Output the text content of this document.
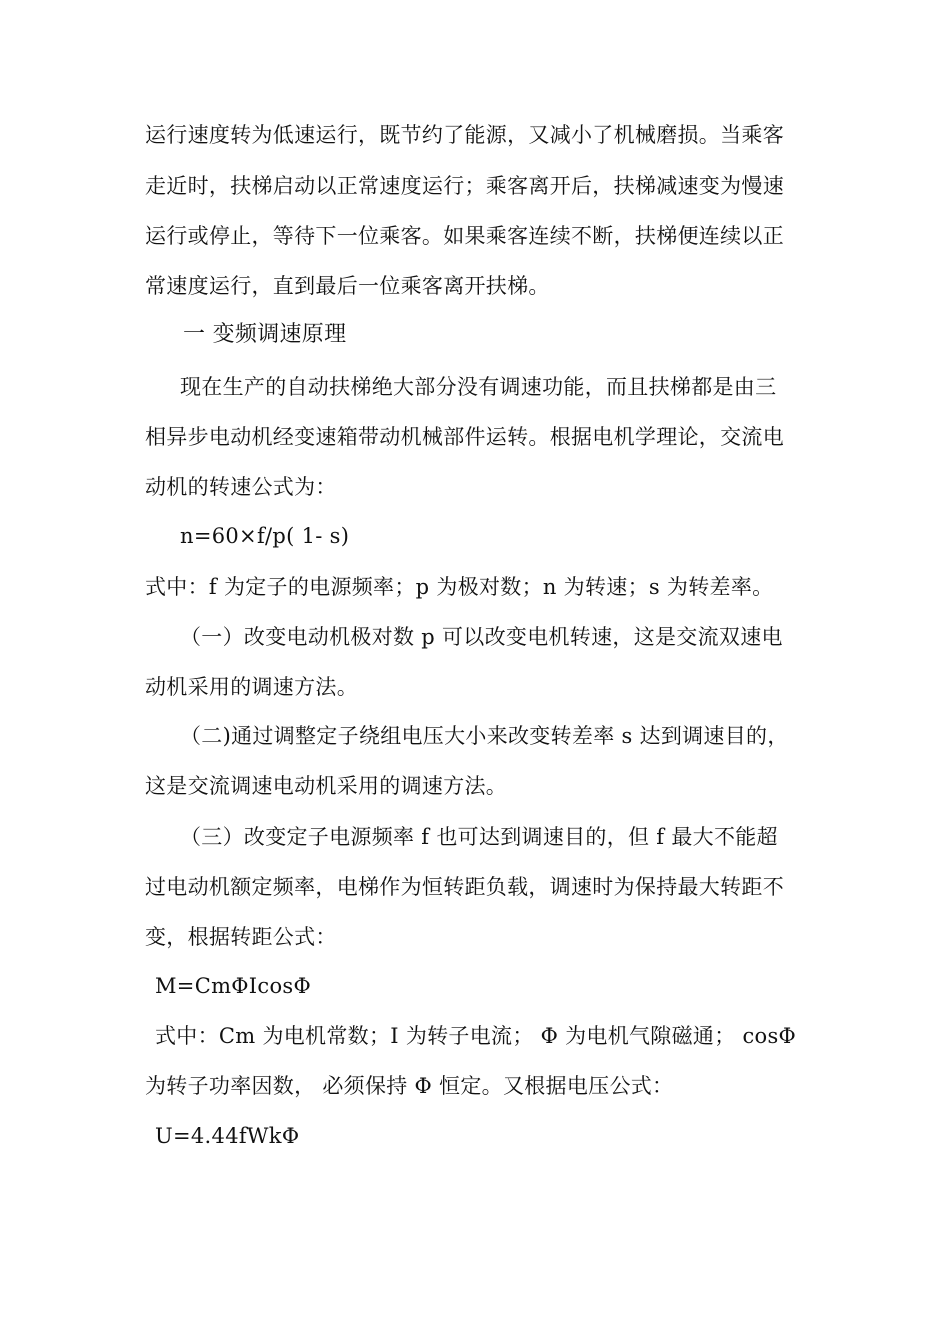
运行速度转为低速运行，既节约了能源，又减小了机械磨损。当乘客
走近时，扶梯启动以正常速度运行；乘客离开后，扶梯减速变为慢速
运行或停止，等待下一位乘客。如果乘客连续不断，扶梯便连续以正
常速度运行，直到最后一位乘客离开扶梯。
一 变频调速原理
现在生产的自动扶梯绝大部分没有调速功能，而且扶梯都是由三
相异步电动机经变速箱带动机械部件运转。根据电机学理论，交流电
动机的转速公式为：
n=60×f/p( 1- s)
式中：f 为定子的电源频率；p 为极对数；n 为转速；s 为转差率。
（一）改变电动机极对数 p 可以改变电机转速，这是交流双速电
动机采用的调速方法。
（二)通过调整定子绕组电压大小来改变转差率 s 达到调速目的，
这是交流调速电动机采用的调速方法。
（三）改变定子电源频率 f 也可达到调速目的，但 f 最大不能超
过电动机额定频率，电梯作为恒转距负载，调速时为保持最大转距不
变，根据转距公式：
M=CmΦIcosΦ
式中：Cm 为电机常数；I 为转子电流； Φ 为电机气隙磁通； cosΦ
为转子功率因数， 必须保持 Φ 恒定。又根据电压公式：
U=4.44fWkΦ
